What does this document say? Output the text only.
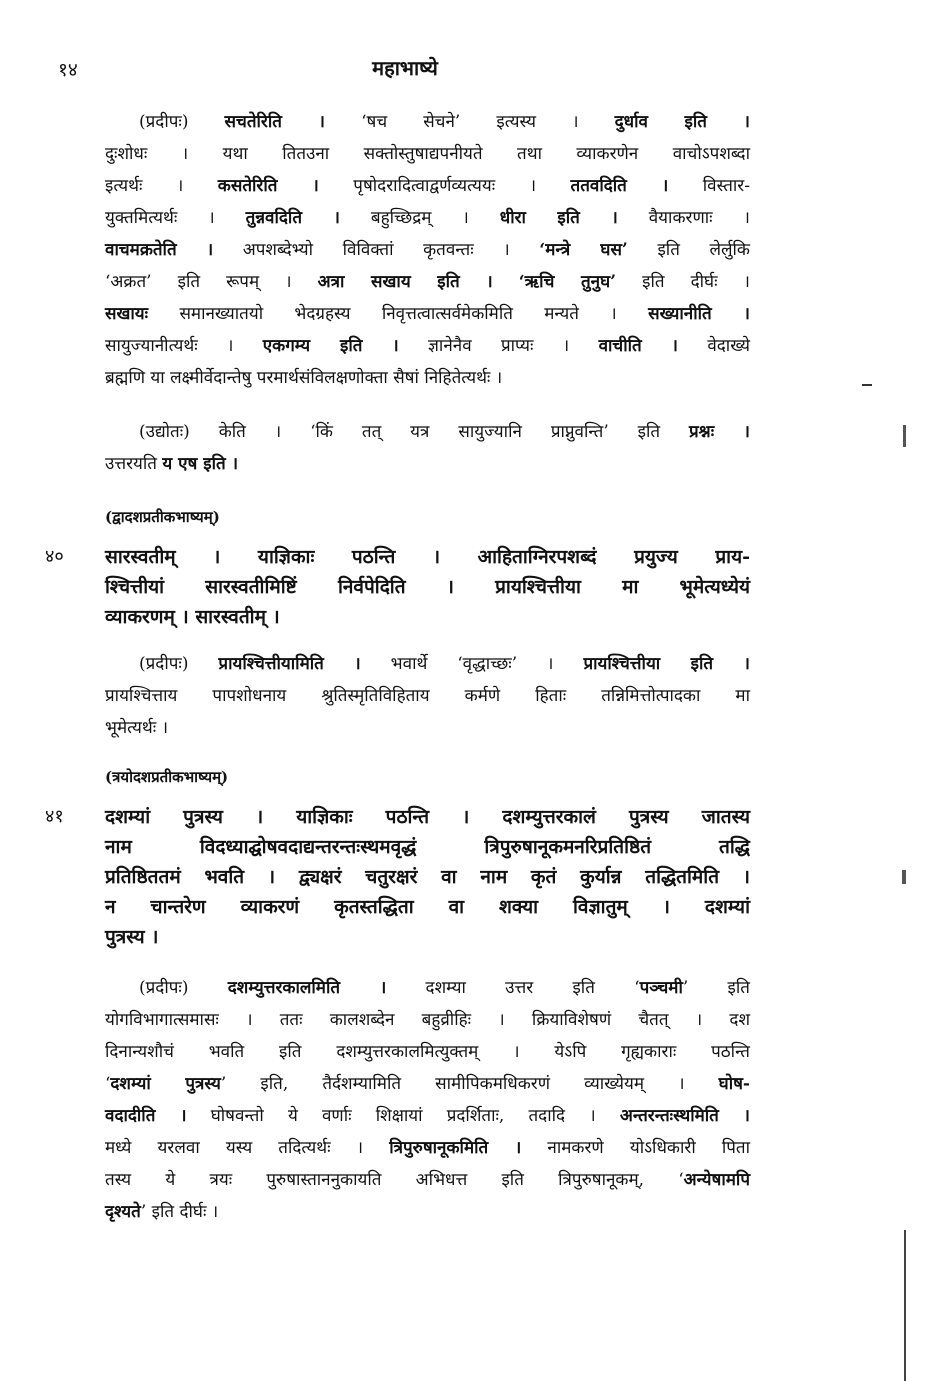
१४	महाभाष्ये
(प्रदीपः) सचतेरिति । ‘षच सेचने’ इत्यस्य । दुर्धाव इति ।
दुःशोधः । यथा तितउना सक्तोस्तुषाद्यपनीयते तथा व्याकरणेन वाचोऽपशब्दा
इत्यर्थः । कसतेरिति । पृषोदरादित्वाद्वर्णव्यत्ययः । ततवदिति । विस्तार-
युक्तमित्यर्थः । तुन्नवदिति । बहुच्छिद्रम् । धीरा इति । वैयाकरणाः ।
वाचमक्रतेति । अपशब्देभ्यो विविक्तां कृतवन्तः । ‘मन्त्रे घस’ इति लेर्लुकि
‘अक्रत’ इति रूपम् । अत्रा सखाय इति । ‘ऋचि तुनुघ’ इति दीर्घः ।
सखायः समानख्यातयो भेदग्रहस्य निवृत्तत्वात्सर्वमेकमिति मन्यते । सख्यानीति ।
सायुज्यानीत्यर्थः । एकगम्य इति । ज्ञानेनैव प्राप्यः । वाचीति । वेदाख्ये
ब्रह्मणि या लक्ष्मीर्वेदान्तेषु परमार्थसंविलक्षणोक्ता सैषां निहितेत्यर्थः ।
(उद्योतः) केति । ‘किं तत् यत्र सायुज्यानि प्राप्नुवन्ति’ इति प्रश्नः ।
उत्तरयति य एष इति ।
(द्वादशप्रतीकभाष्यम्)
४० सारस्वतीम् । याज्ञिकाः पठन्ति । आहिताग्निरपशब्दं प्रयुज्य प्राय-
श्चित्तीयां सारस्वतीमिष्टिं निर्वपेदिति । प्रायश्चित्तीया मा भूमेत्यध्येयं
व्याकरणम् । सारस्वतीम् ।
(प्रदीपः) प्रायश्चित्तीयामिति । भवार्थे ‘वृद्धाच्छः’ । प्रायश्चित्तीया इति ।
प्रायश्चित्ताय पापशोधनाय श्रुतिस्मृतिविहिताय कर्मणे हिताः तन्निमित्तोत्पादका मा
भूमेत्यर्थः ।
(त्रयोदशप्रतीकभाष्यम्)
४१ दशम्यां पुत्रस्य । याज्ञिकाः पठन्ति । दशम्युत्तरकालं पुत्रस्य जातस्य
नाम विदध्याद्घोषवदाद्यन्तरन्तःस्थमवृद्धं त्रिपुरुषानूकमनरिप्रतिष्ठितं तद्धि
प्रतिष्ठिततमं भवति । द्व्यक्षरं चतुरक्षरं वा नाम कृतं कुर्यान्न तद्धितमिति ।
न चान्तरेण व्याकरणं कृतस्तद्धिता वा शक्या विज्ञातुम् । दशम्यां
पुत्रस्य ।
(प्रदीपः) दशम्युत्तरकालमिति । दशम्या उत्तर इति ‘पञ्चमी’ इति
योगविभागात्समासः । ततः कालशब्देन बहुव्रीहिः । क्रियाविशेषणं चैतत् । दश
दिनान्यशौचं भवति इति दशम्युत्तरकालमित्युक्तम् । येऽपि गृह्यकाराः पठन्ति
‘दशम्यां पुत्रस्य’ इति, तैर्दशम्यामिति सामीपिकमधिकरणं व्याख्येयम् । घोष-
वदादीति । घोषवन्तो ये वर्णाः शिक्षायां प्रदर्शिताः, तदादि । अन्तरन्तःस्थमिति ।
मध्ये यरलवा यस्य तदित्यर्थः । त्रिपुरुषानूकमिति । नामकरणे योऽधिकारी पिता
तस्य ये त्रयः पुरुषास्ताननुकायति अभिधत्त इति त्रिपुरुषानूकम्, ‘अन्येषामपि
दृश्यते’ इति दीर्घः ।
